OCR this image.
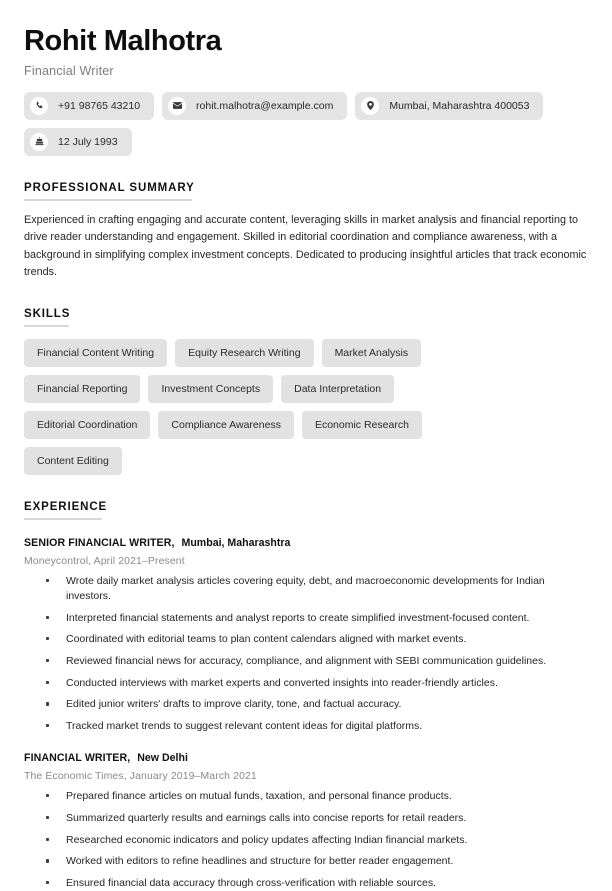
Rohit Malhotra
Financial Writer
+91 98765 43210	rohit.malhotra@example.com	Mumbai, Maharashtra 400053
12 July 1993
PROFESSIONAL SUMMARY

Experienced in crafting engaging and accurate content, leveraging skills in market analysis and financial reporting to drive reader understanding and engagement. Skilled in editorial coordination and compliance awareness, with a background in simplifying complex investment concepts. Dedicated to producing insightful articles that track economic trends.

SKILLS
Financial Content Writing	Equity Research Writing	Market Analysis
Financial Reporting	Investment Concepts	Data Interpretation
Editorial Coordination	Compliance Awareness	Economic Research
Content Editing
EXPERIENCE
SENIOR FINANCIAL WRITER, Mumbai, Maharashtra
Moneycontrol, April 2021–Present
Wrote daily market analysis articles covering equity, debt, and macroeconomic developments for Indian investors.
Interpreted financial statements and analyst reports to create simplified investment-focused content.
Coordinated with editorial teams to plan content calendars aligned with market events.
Reviewed financial news for accuracy, compliance, and alignment with SEBI communication guidelines.
Conducted interviews with market experts and converted insights into reader-friendly articles.
Edited junior writers' drafts to improve clarity, tone, and factual accuracy.
Tracked market trends to suggest relevant content ideas for digital platforms.
FINANCIAL WRITER, New Delhi
The Economic Times, January 2019–March 2021
Prepared finance articles on mutual funds, taxation, and personal finance products.
Summarized quarterly results and earnings calls into concise reports for retail readers.
Researched economic indicators and policy updates affecting Indian financial markets.
Worked with editors to refine headlines and structure for better reader engagement.
Ensured financial data accuracy through cross-verification with reliable sources.
